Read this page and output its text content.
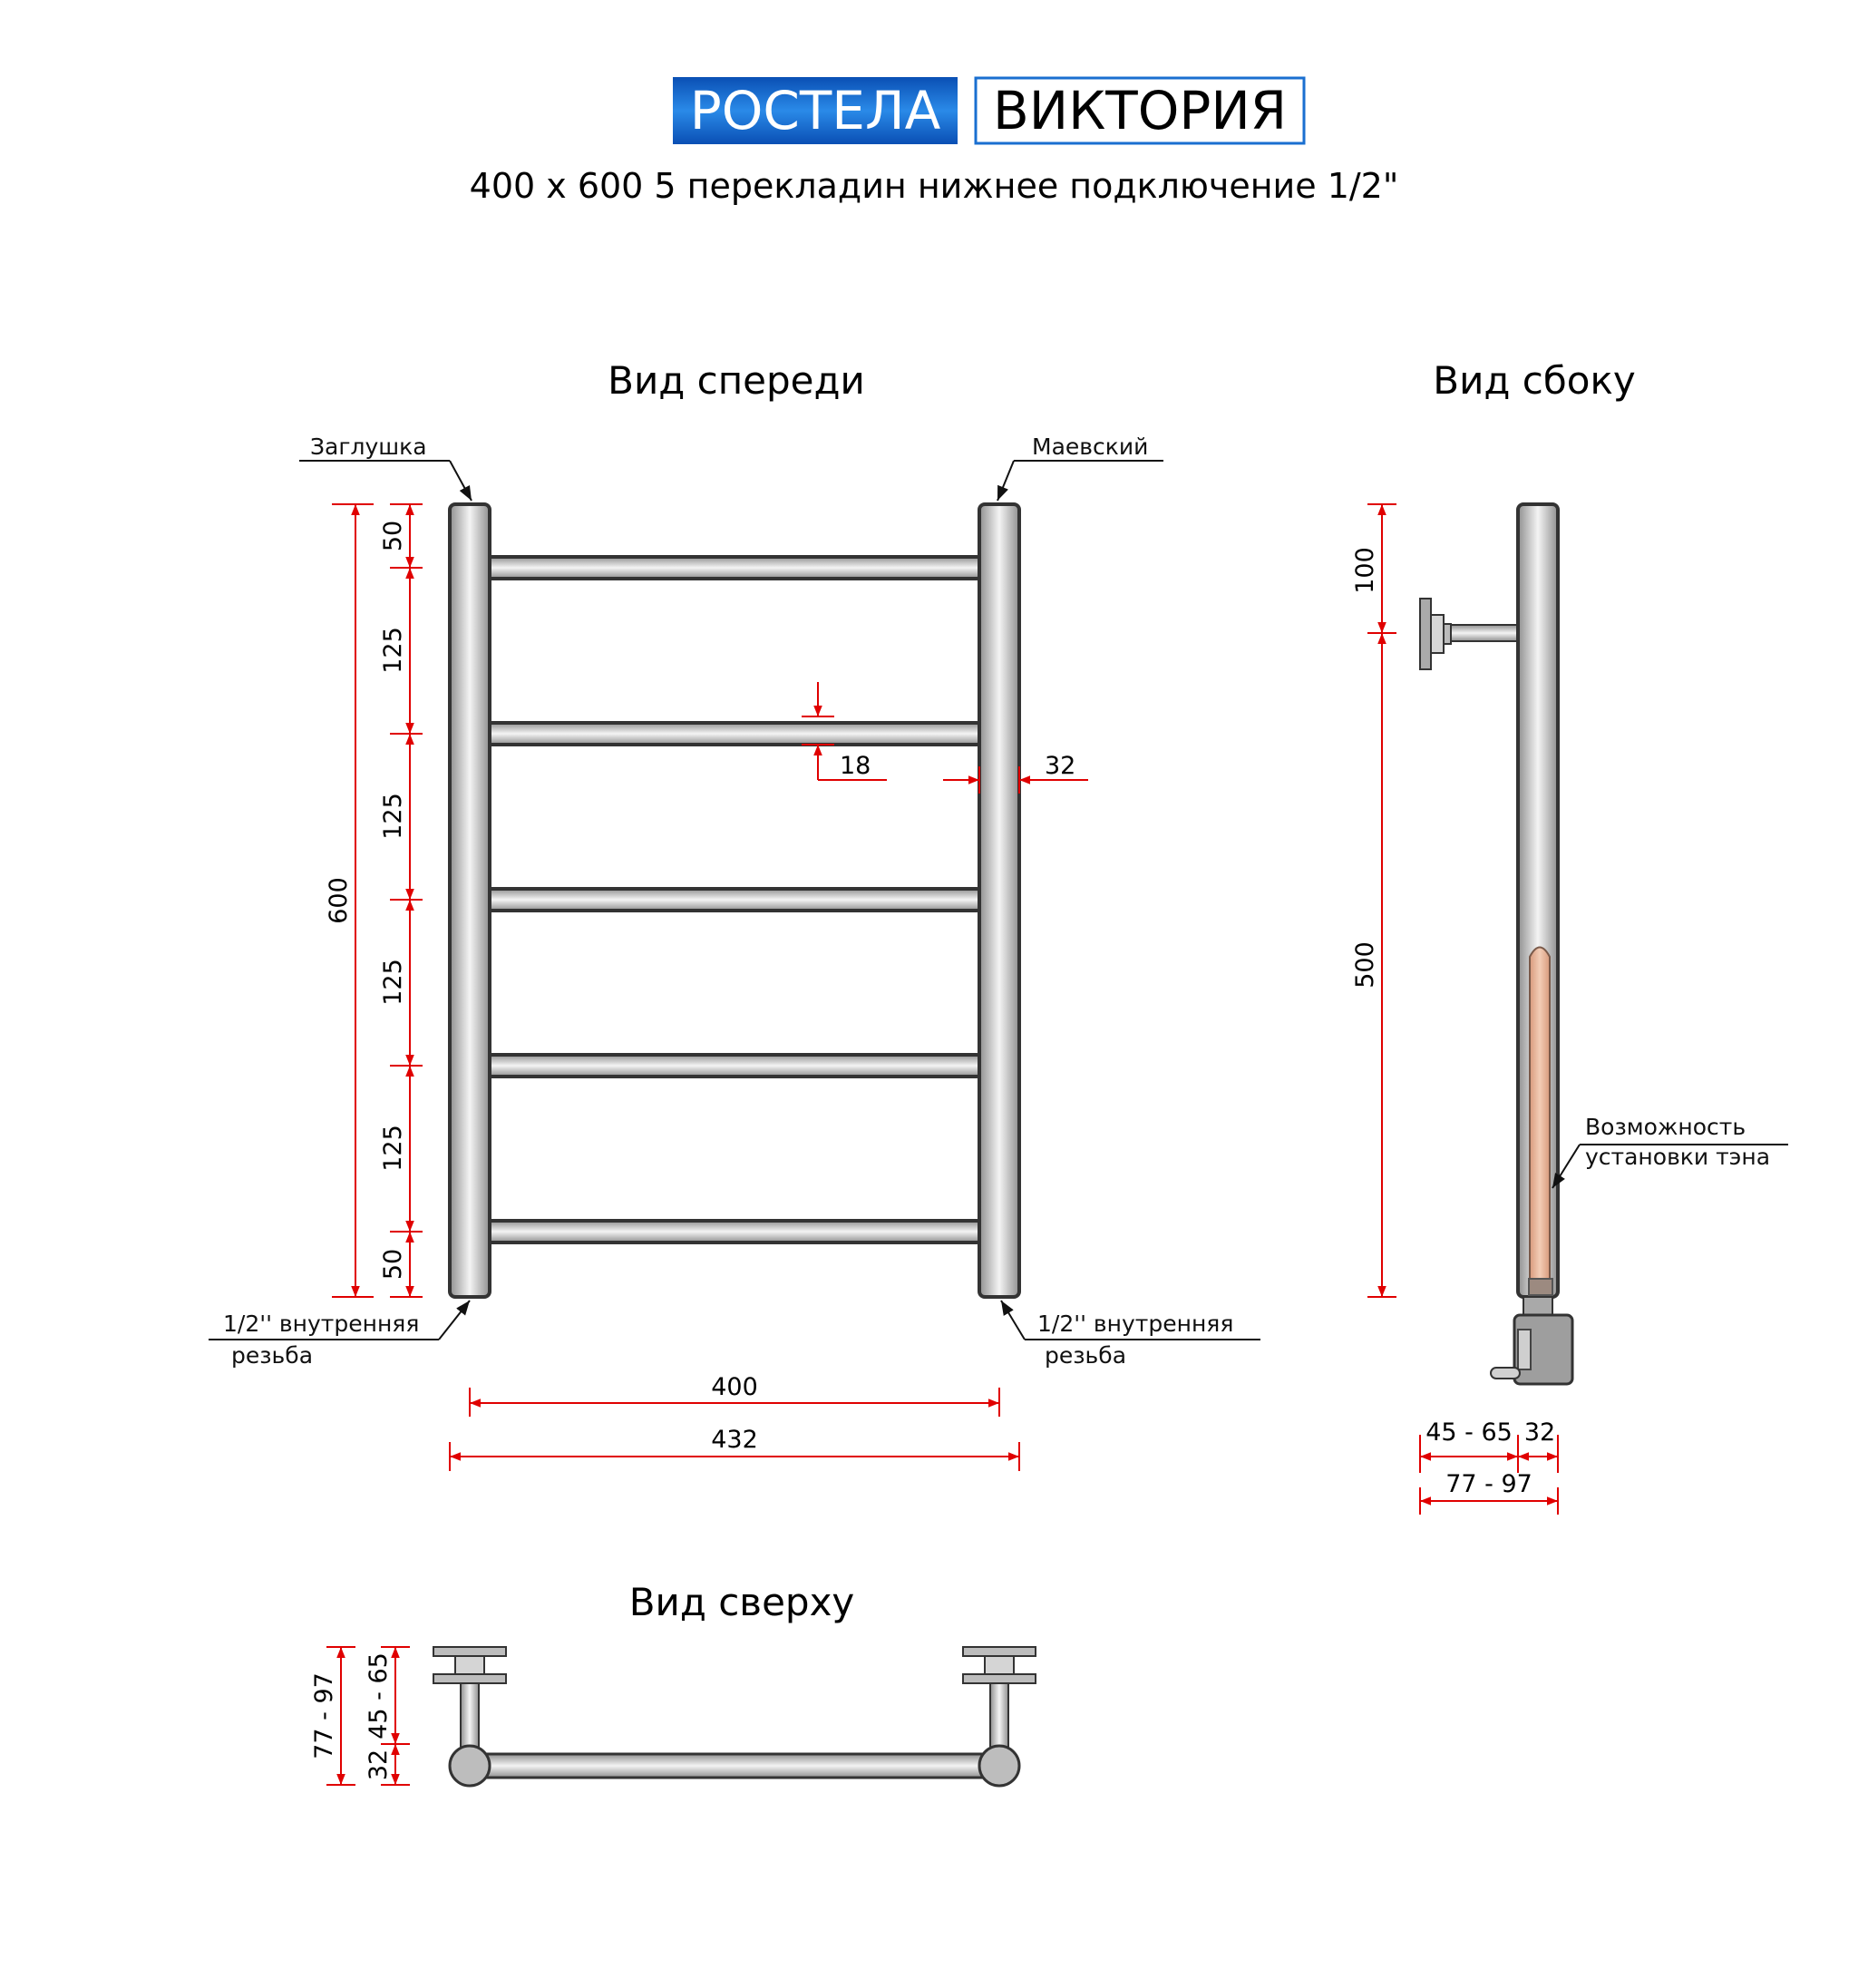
РОСТЕЛА ВИКТОРИЯ
400 x 600 5 перекладин нижнее подключение 1/2"
Вид спереди	Вид сбоку
Вид сверху
Заглушка	Маевский
1/2'' внутренняя
резьба
1/2'' внутренняя
резьба
600
50
125
125
125
125
50
18	32
400
432
Возможность
установки тэна
100
500
45 - 65 32
77 - 97
77 - 97 45 - 65
32
